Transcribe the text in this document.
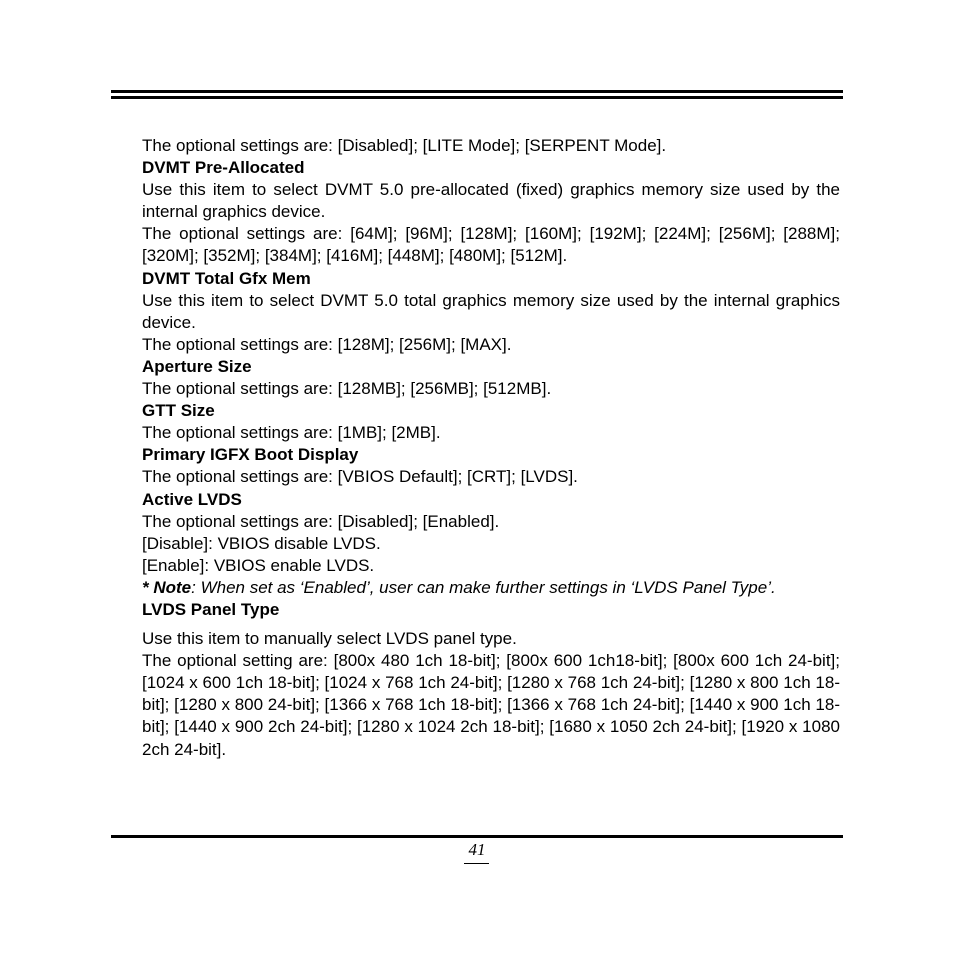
The optional settings are: [Disabled]; [LITE Mode]; [SERPENT Mode].

DVMT Pre-Allocated

Use this item to select DVMT 5.0 pre-allocated (fixed) graphics memory size used by the internal graphics device.

The optional settings are: [64M]; [96M]; [128M]; [160M]; [192M]; [224M]; [256M]; [288M]; [320M]; [352M]; [384M]; [416M]; [448M]; [480M]; [512M].

DVMT Total Gfx Mem

Use this item to select DVMT 5.0 total graphics memory size used by the internal graphics device.

The optional settings are: [128M]; [256M]; [MAX].

Aperture Size

The optional settings are: [128MB]; [256MB]; [512MB].

GTT Size

The optional settings are: [1MB]; [2MB].

Primary IGFX Boot Display

The optional settings are: [VBIOS Default]; [CRT]; [LVDS].

Active LVDS

The optional settings are: [Disabled]; [Enabled].

[Disable]: VBIOS disable LVDS.

[Enable]: VBIOS enable LVDS.

* Note: When set as ‘Enabled’, user can make further settings in ‘LVDS Panel Type’.

LVDS Panel Type

Use this item to manually select LVDS panel type.

The optional setting are: [800x 480 1ch 18-bit]; [800x 600 1ch18-bit]; [800x 600 1ch 24-bit]; [1024 x 600 1ch 18-bit]; [1024 x 768 1ch 24-bit]; [1280 x 768 1ch 24-bit]; [1280 x 800 1ch 18-bit]; [1280 x 800 24-bit]; [1366 x 768 1ch 18-bit]; [1366 x 768 1ch 24-bit]; [1440 x 900 1ch 18-bit]; [1440 x 900 2ch 24-bit]; [1280 x 1024 2ch 18-bit]; [1680 x 1050 2ch 24-bit]; [1920 x 1080 2ch 24-bit].

41
